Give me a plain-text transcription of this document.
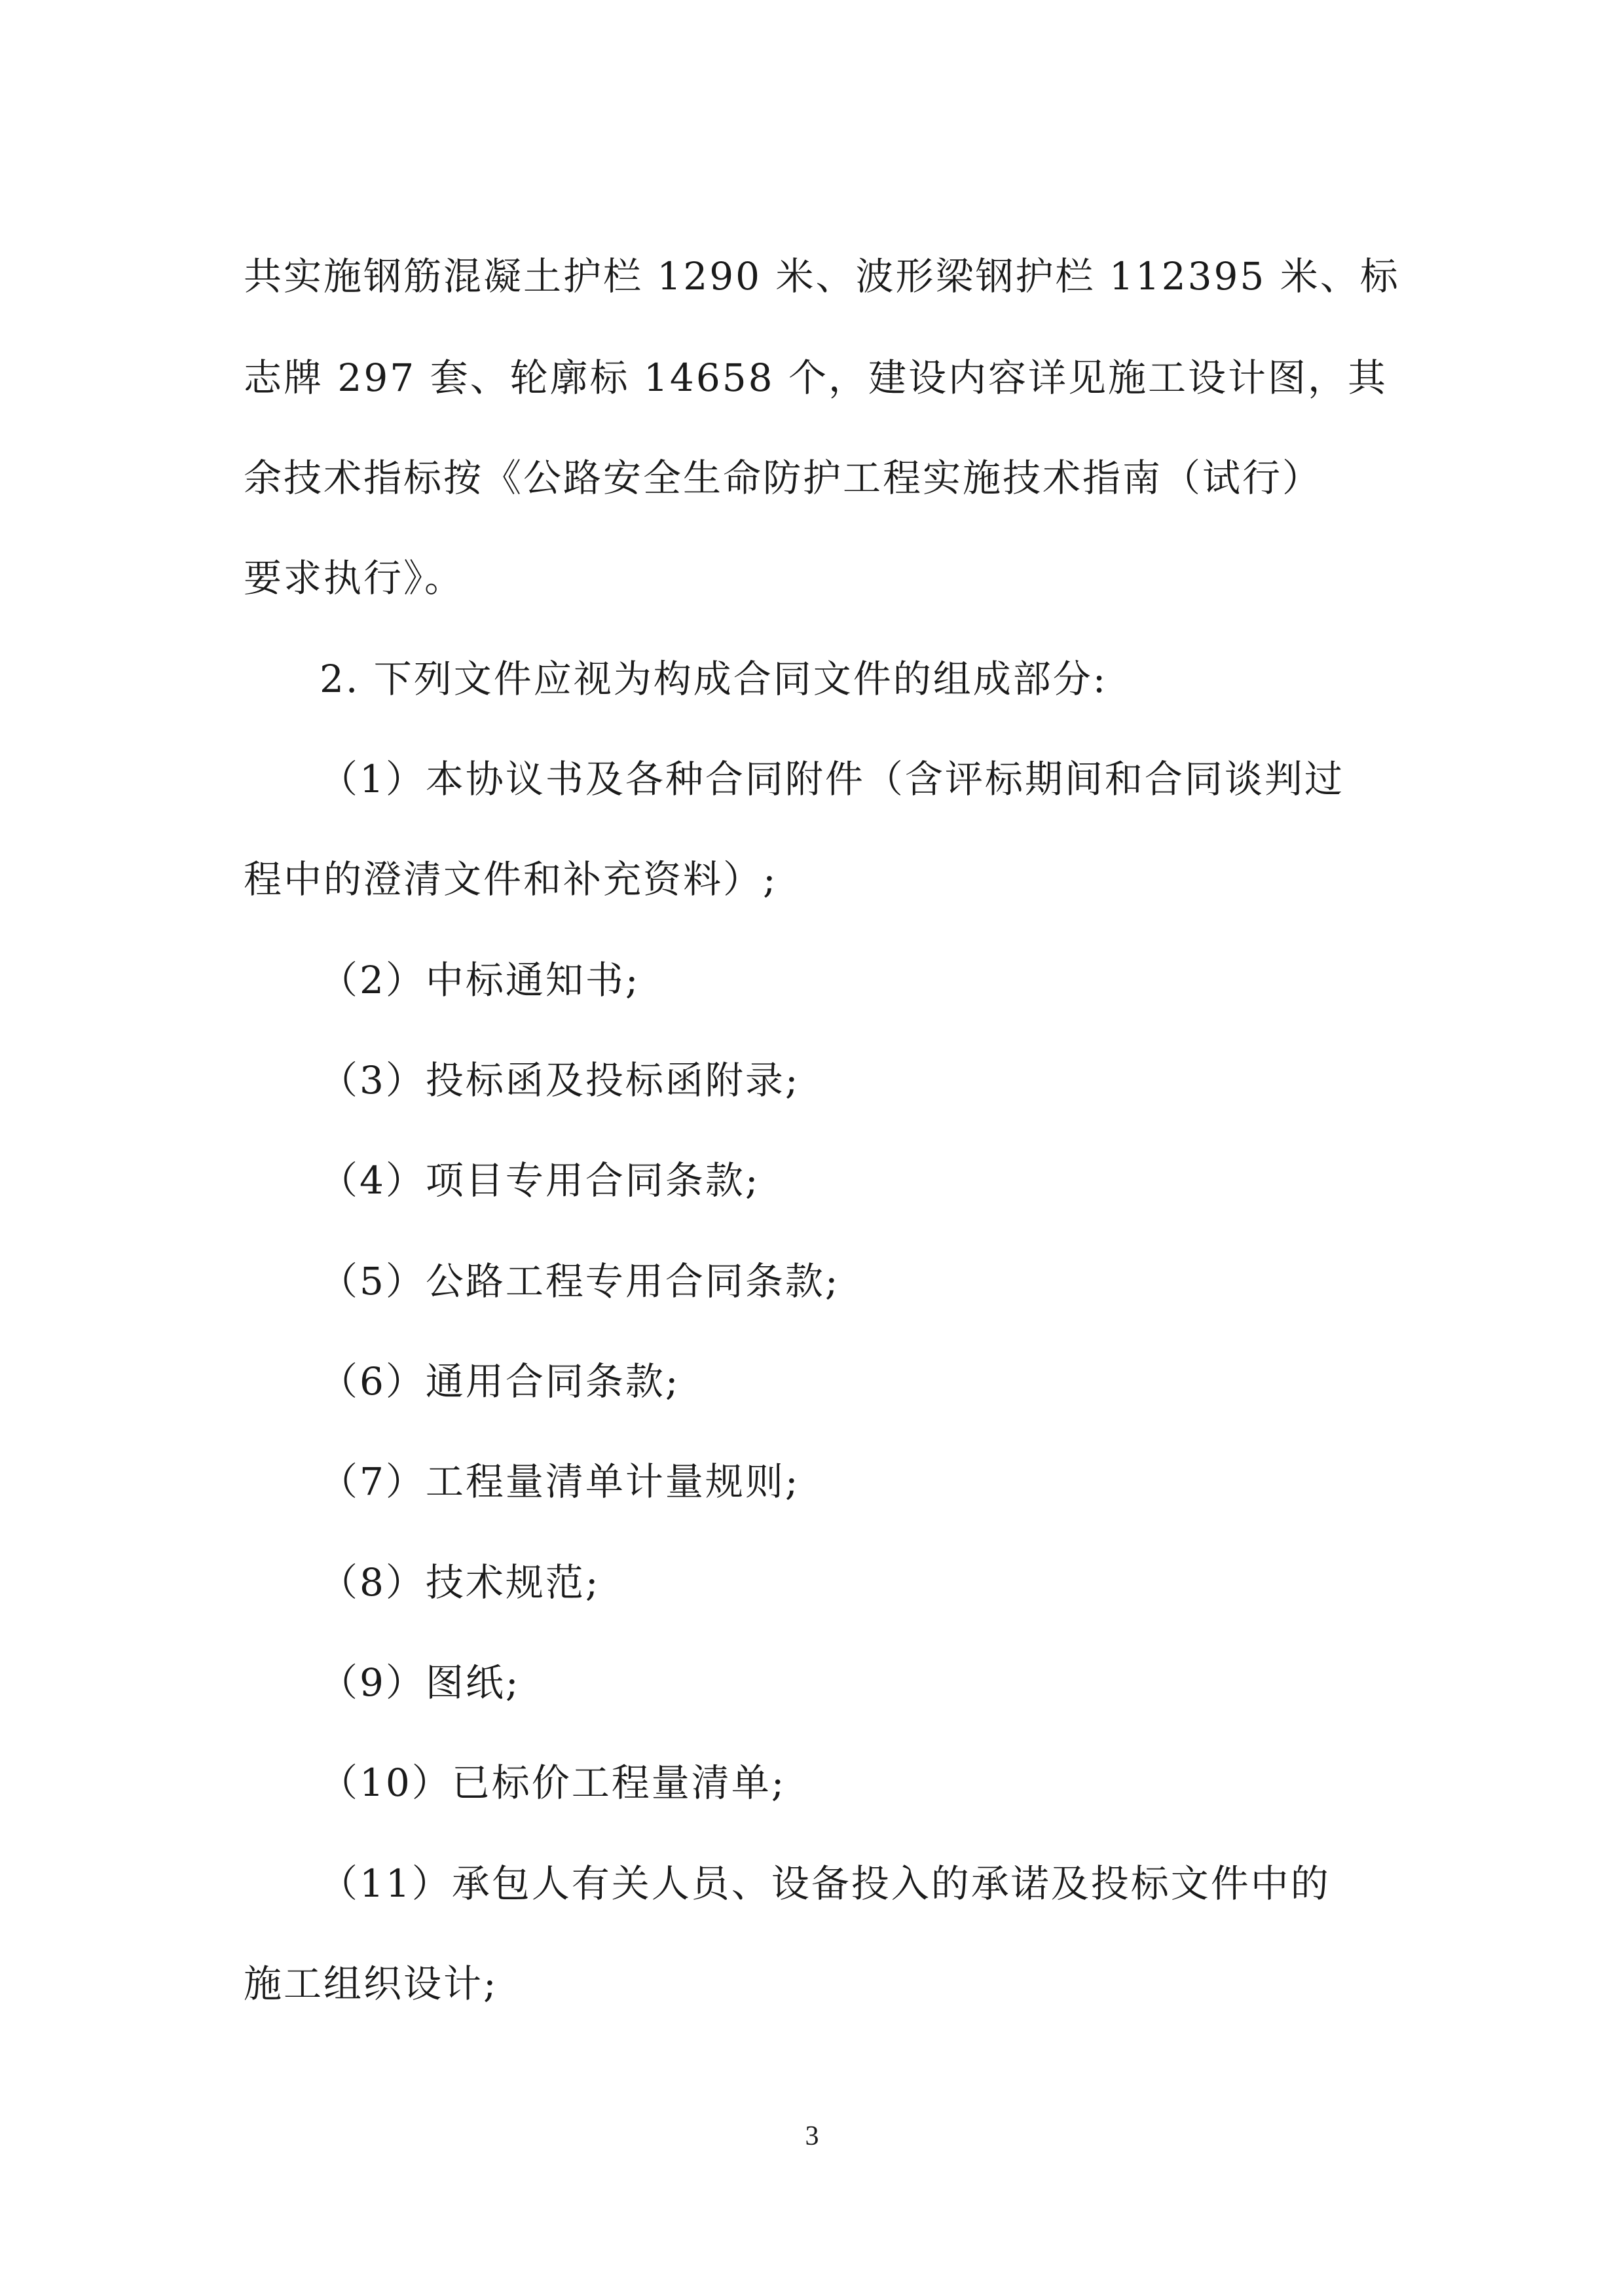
共实施钢筋混凝土护栏 1290 米、波形梁钢护栏 112395 米、标
志牌 297 套、轮廓标 14658 个，建设内容详见施工设计图，其
余技术指标按《公路安全生命防护工程实施技术指南（试行）
要求执行》。
2. 下列文件应视为构成合同文件的组成部分:
（1）本协议书及各种合同附件（含评标期间和合同谈判过
程中的澄清文件和补充资料）;
（2）中标通知书;
（3）投标函及投标函附录;
（4）项目专用合同条款;
（5）公路工程专用合同条款;
（6）通用合同条款;
（7）工程量清单计量规则;
（8）技术规范;
（9）图纸;
（10）已标价工程量清单;
（11）承包人有关人员、设备投入的承诺及投标文件中的
施工组织设计;
3
